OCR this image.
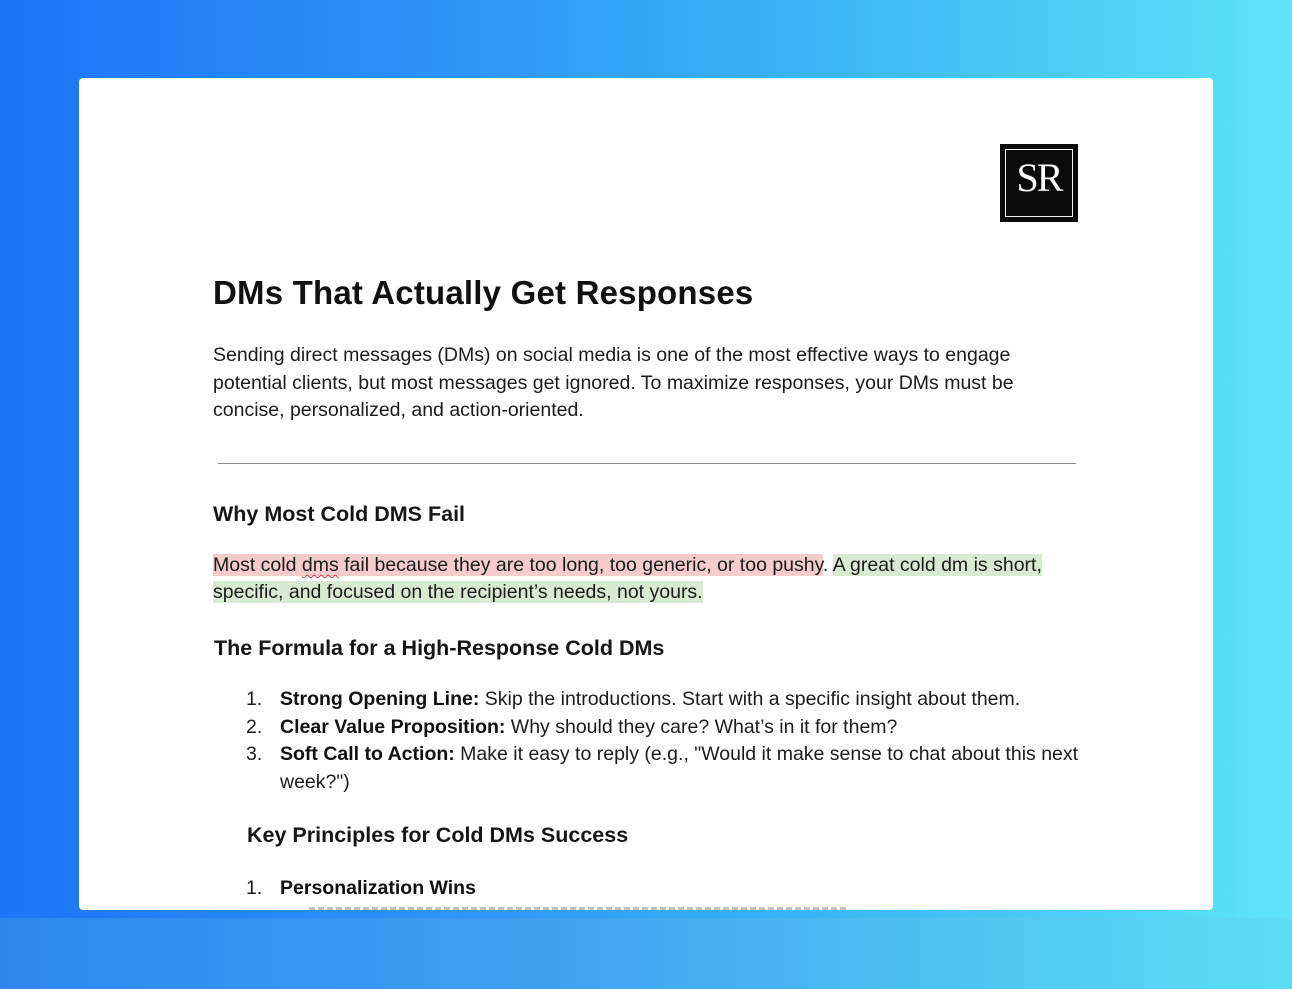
SR
DMs That Actually Get Responses

Sending direct messages (DMs) on social media is one of the most effective ways to engage potential clients, but most messages get ignored. To maximize responses, your DMs must be concise, personalized, and action-oriented.

Why Most Cold DMS Fail

Most cold dms fail because they are too long, too generic, or too pushy. A great cold dm is short, specific, and focused on the recipient’s needs, not yours.

The Formula for a High-Response Cold DMs
1. Strong Opening Line: Skip the introductions. Start with a specific insight about them.
2. Clear Value Proposition: Why should they care? What’s in it for them?
3. Soft Call to Action: Make it easy to reply (e.g., "Would it make sense to chat about this next week?")
Key Principles for Cold DMs Success
1. Personalization Wins
